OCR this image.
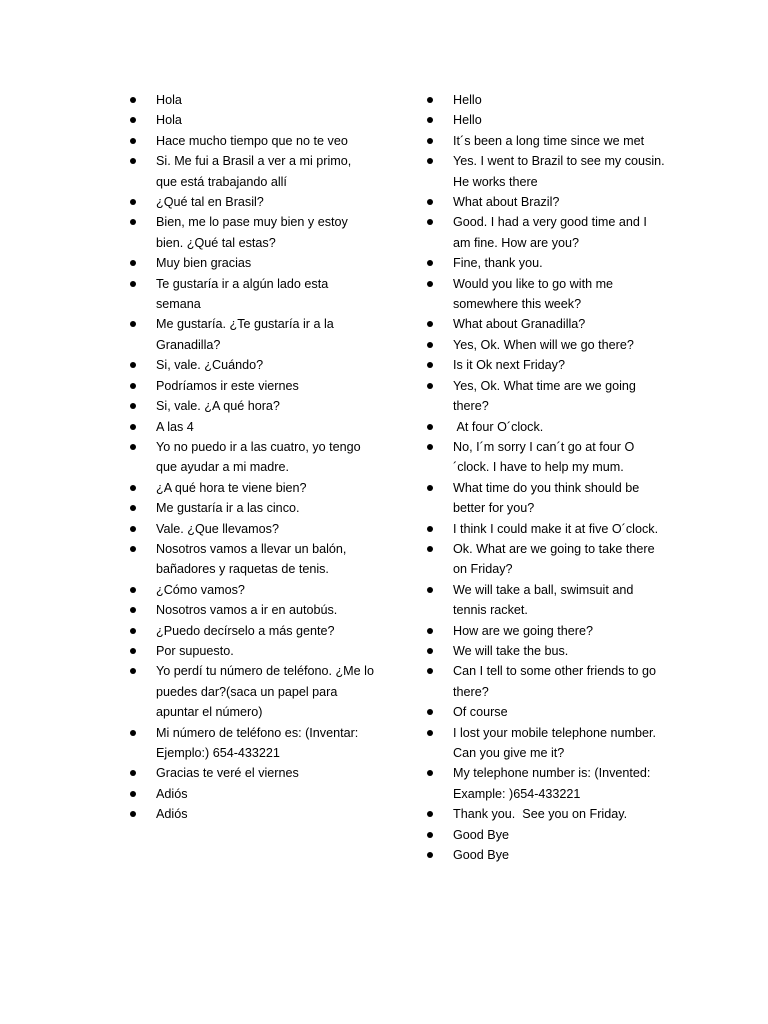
Hola
Hola
Hace mucho tiempo que no te veo
Si. Me fui a Brasil a ver a mi primo, que está trabajando allí
¿Qué tal en Brasil?
Bien, me lo pase muy bien y estoy bien. ¿Qué tal estas?
Muy bien gracias
Te gustaría ir a algún lado esta semana
Me gustaría. ¿Te gustaría ir a la Granadilla?
Si, vale. ¿Cuándo?
Podríamos ir este viernes
Si, vale. ¿A qué hora?
A las 4
Yo no puedo ir a las cuatro, yo tengo que ayudar a mi madre.
¿A qué hora te viene bien?
Me gustaría ir a las cinco.
Vale. ¿Que llevamos?
Nosotros vamos a llevar un balón, bañadores y raquetas de tenis.
¿Cómo vamos?
Nosotros vamos a ir en autobús.
¿Puedo decírselo a más gente?
Por supuesto.
Yo perdí tu número de teléfono. ¿Me lo puedes dar?(saca un papel para apuntar el número)
Mi número de teléfono es: (Inventar: Ejemplo:) 654-433221
Gracias te veré el viernes
Adiós
Adiós
Hello
Hello
It´s been a long time since we met
Yes. I went to Brazil to see my cousin. He works there
What about Brazil?
Good. I had a very good time and I am fine. How are you?
Fine, thank you.
Would you like to go with me somewhere this week?
What about Granadilla?
Yes, Ok. When will we go there?
Is it Ok next Friday?
Yes, Ok. What time are we going there?
At four O´clock.
No, I´m sorry I can´t go at four O´clock. I have to help my mum.
What time do you think should be better for you?
I think I could make it at five O´clock.
Ok. What are we going to take there on Friday?
We will take a ball, swimsuit and tennis racket.
How are we going there?
We will take the bus.
Can I tell to some other friends to go there?
Of course
I lost your mobile telephone number. Can you give me it?
My telephone number is: (Invented: Example: )654-433221
Thank you.  See you on Friday.
Good Bye
Good Bye
